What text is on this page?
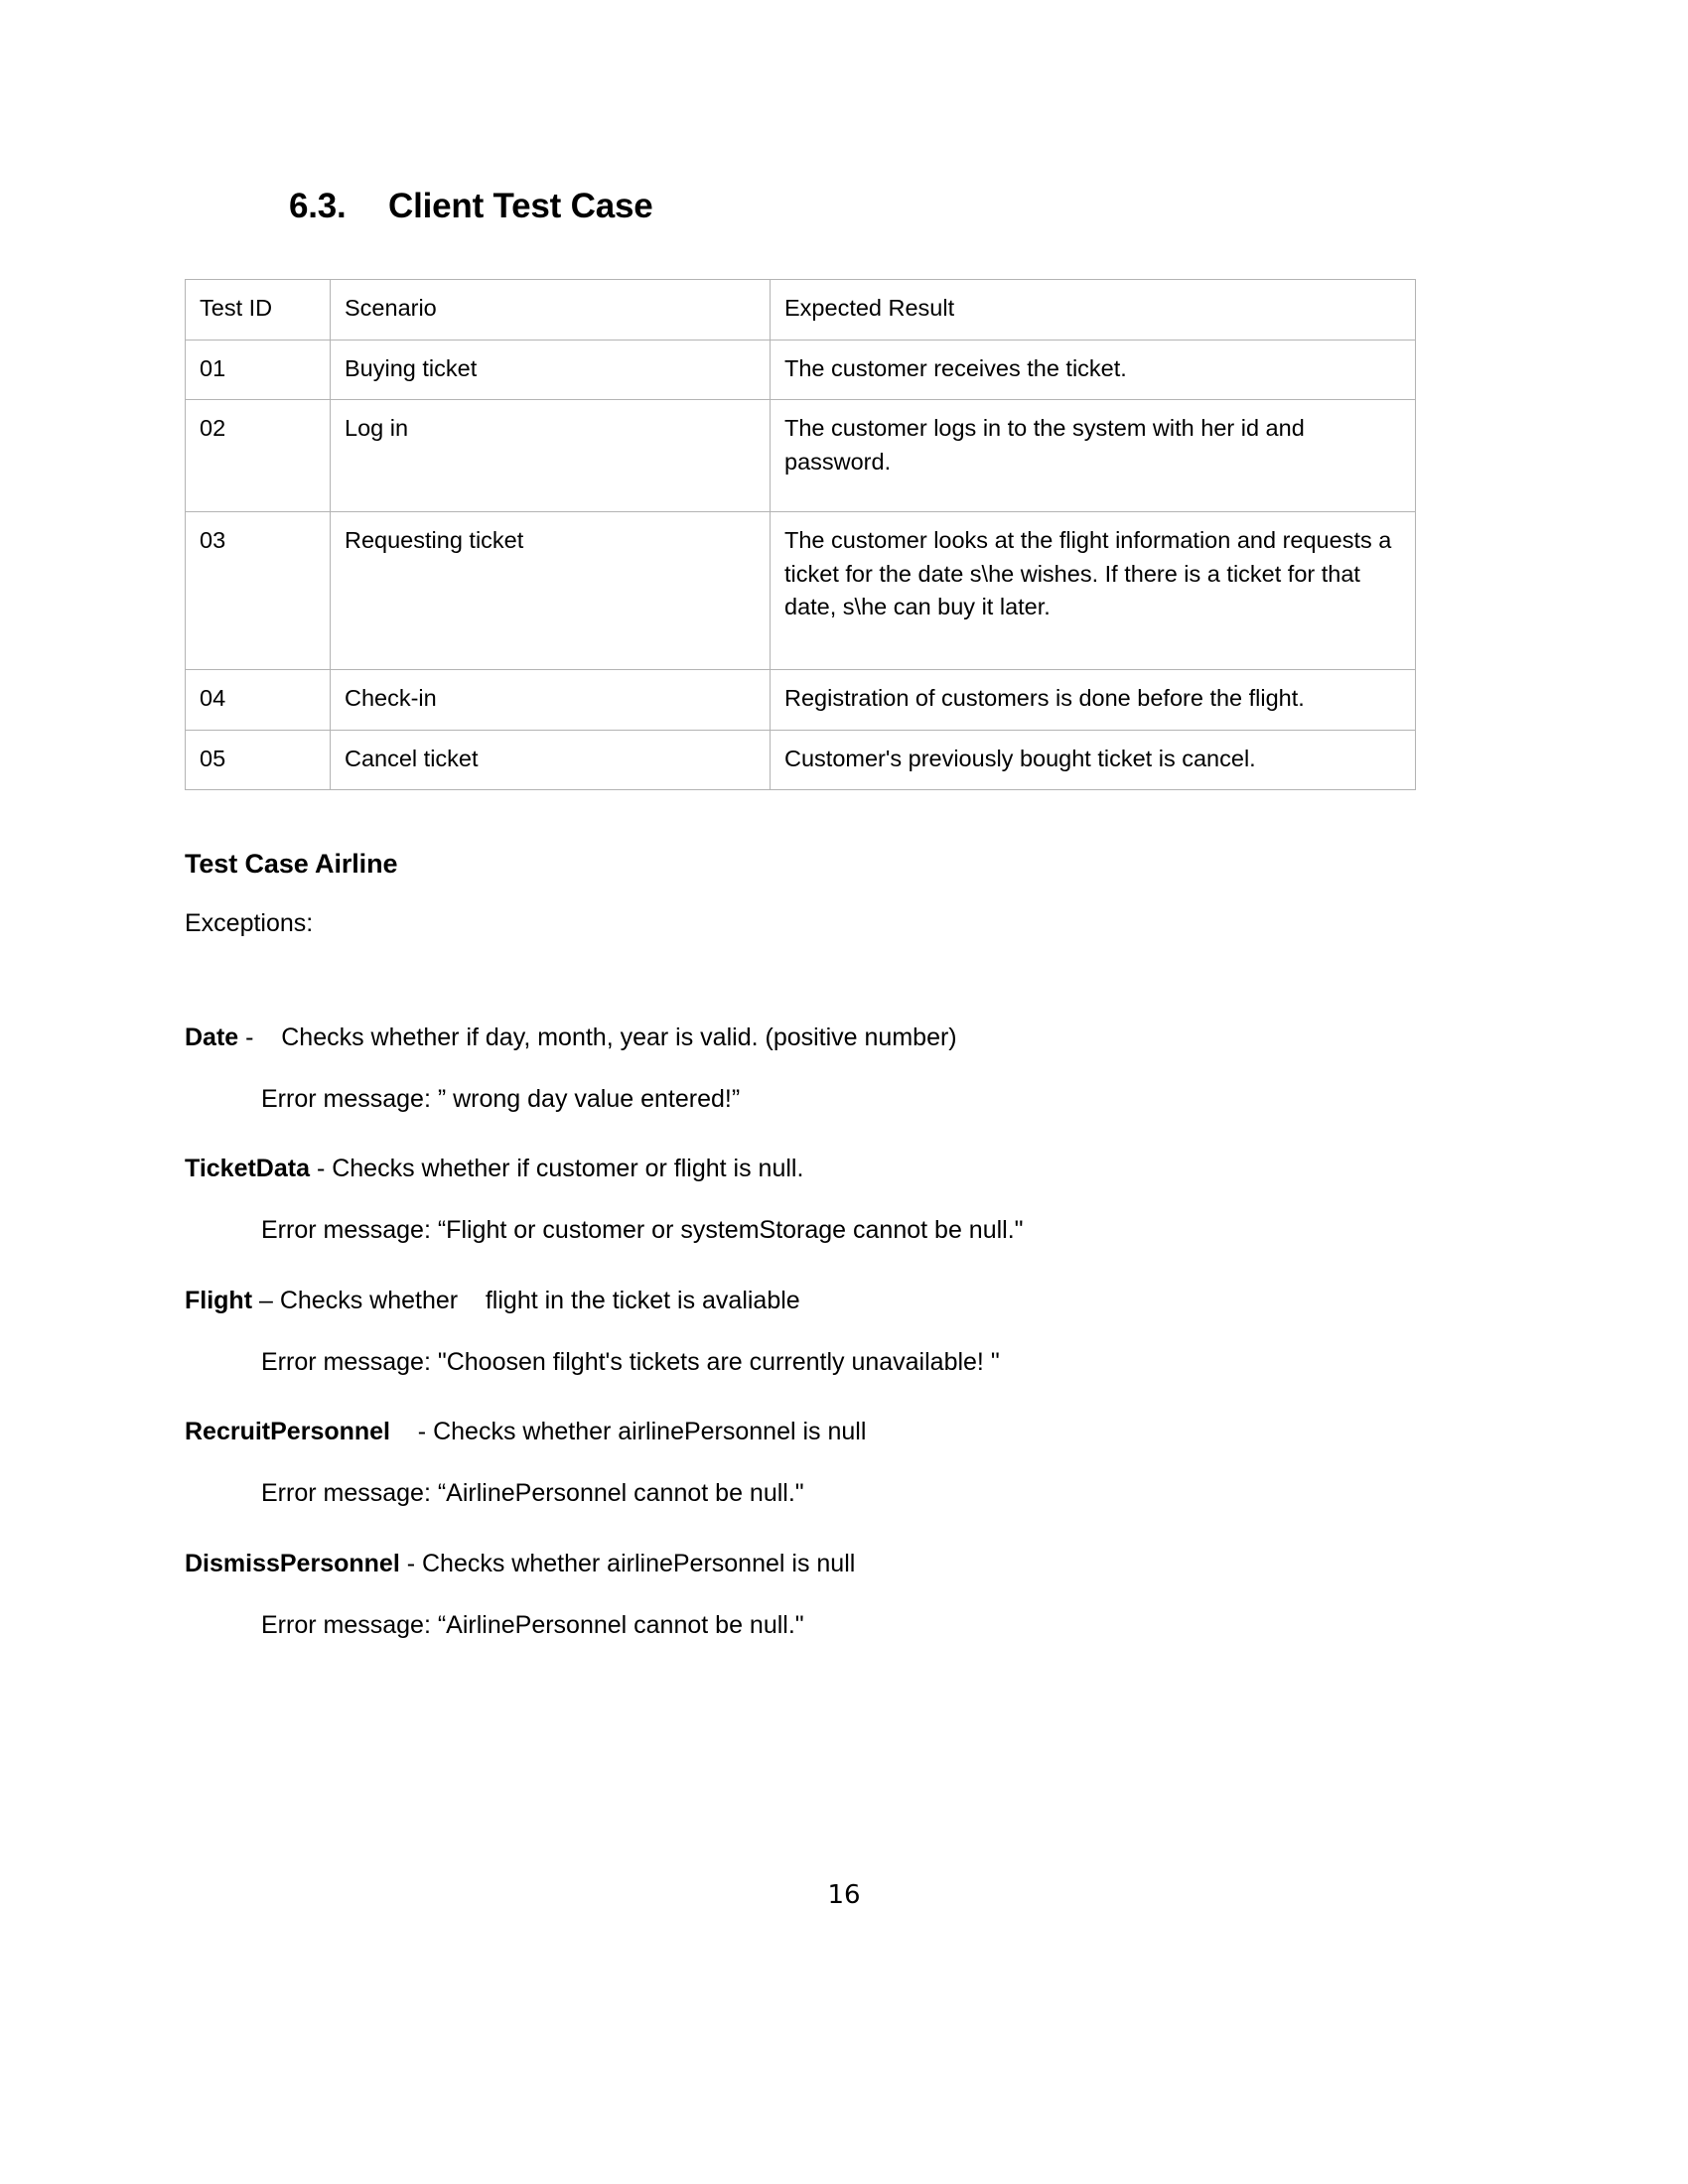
6.3.	Client Test Case
Test ID	Scenario	Expected Result
01	Buying ticket	The customer receives the ticket.
02	Log in	The customer logs in to the system with her id and password.
03	Requesting ticket	The customer looks at the flight information and requests a ticket for the date s\he wishes. If there is a ticket for that date, s\he can buy it later.
04	Check-in	Registration of customers is done before the flight.
05	Cancel ticket	Customer's previously bought ticket is cancel.
Test Case Airline

Exceptions:

Date -    Checks whether if day, month, year is valid. (positive number)

Error message: ” wrong day value entered!”

TicketData - Checks whether if customer or flight is null.

Error message: “Flight or customer or systemStorage cannot be null."

Flight – Checks whether    flight in the ticket is avaliable

Error message: "Choosen filght's tickets are currently unavailable! "

RecruitPersonnel    - Checks whether airlinePersonnel is null

Error message: “AirlinePersonnel cannot be null."

DismissPersonnel - Checks whether airlinePersonnel is null

Error message: “AirlinePersonnel cannot be null."

16
